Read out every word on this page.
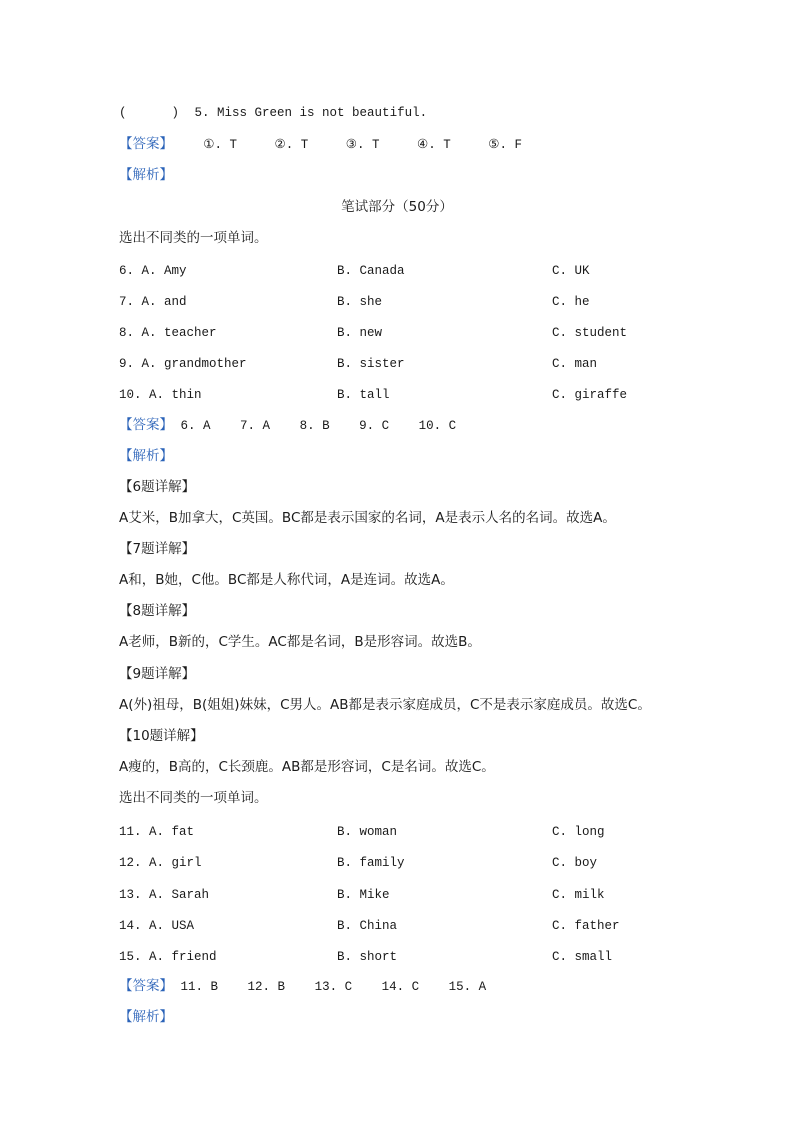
(      ) 5. Miss Green is not beautiful.
【答案】 ①. T	②. T	③. T	④. T	⑤. F
【解析】
笔试部分（50分）
选出不同类的一项单词。
6. A. Amy	B. Canada	C. UK
7. A. and	B. she	C. he
8. A. teacher	B. new	C. student
9. A. grandmother	B. sister	C. man
10. A. thin	B. tall	C. giraffe
【答案】 6. A 7. A 8. B 9. C 10. C
【解析】
【6题详解】
A艾米，B加拿大，C英国。BC都是表示国家的名词，A是表示人名的名词。故选A。
【7题详解】
A和，B她，C他。BC都是人称代词，A是连词。故选A。
【8题详解】
A老师，B新的，C学生。AC都是名词，B是形容词。故选B。
【9题详解】
A(外)祖母，B(姐姐)妹妹，C男人。AB都是表示家庭成员，C不是表示家庭成员。故选C。
【10题详解】
A瘦的，B高的，C长颈鹿。AB都是形容词，C是名词。故选C。
选出不同类的一项单词。
11. A. fat	B. woman	C. long
12. A. girl	B. family	C. boy
13. A. Sarah	B. Mike	C. milk
14. A. USA	B. China	C. father
15. A. friend	B. short	C. small
【答案】 11. B 12. B 13. C 14. C 15. A
【解析】
